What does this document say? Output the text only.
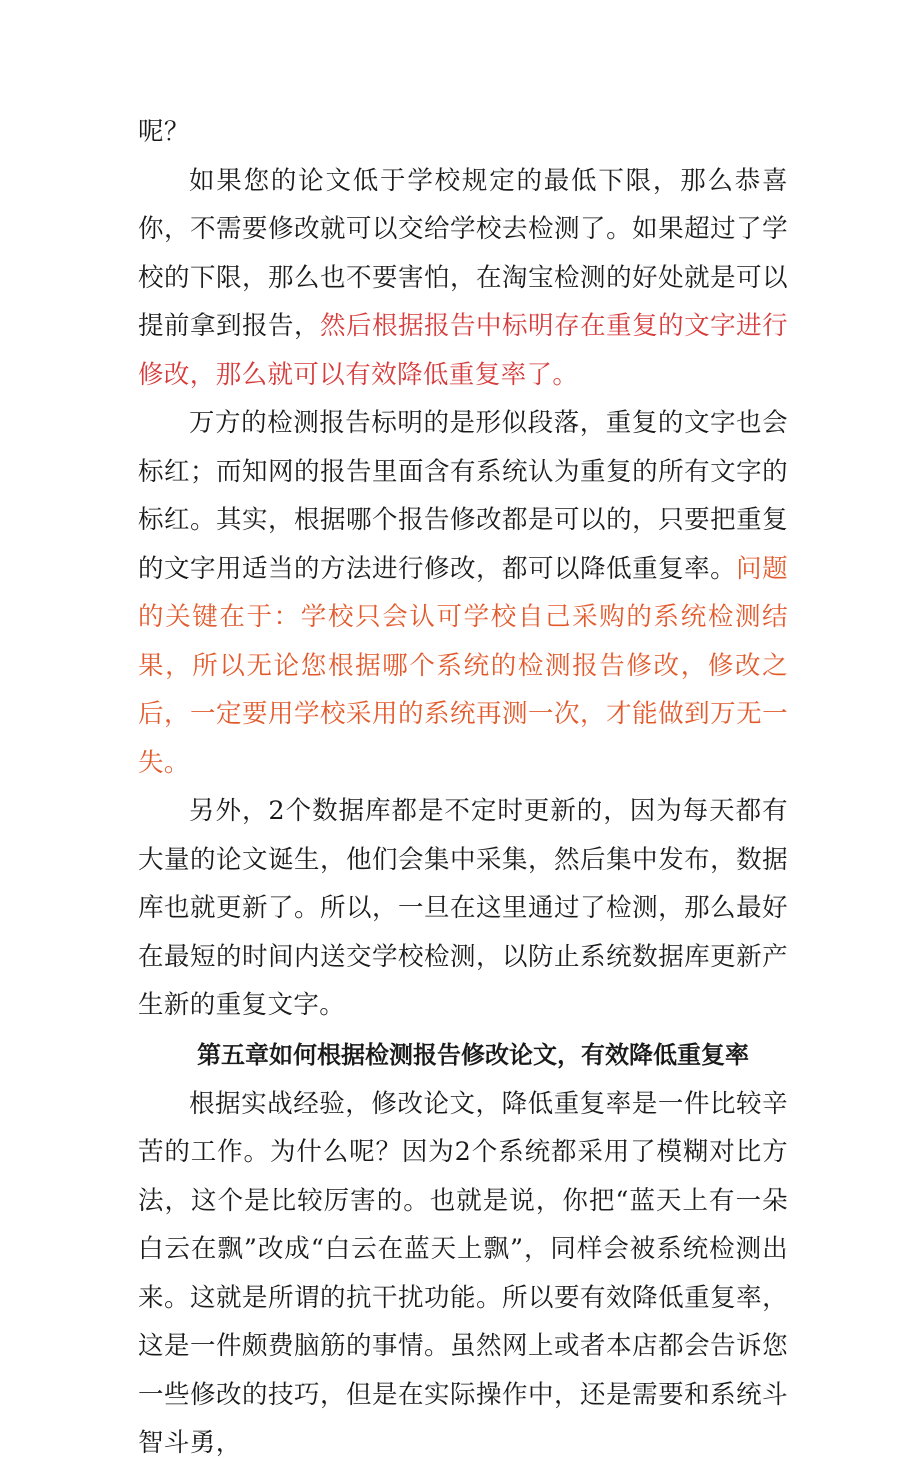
呢？

如果您的论文低于学校规定的最低下限，那么恭喜你，不需要修改就可以交给学校去检测了。如果超过了学校的下限，那么也不要害怕，在淘宝检测的好处就是可以提前拿到报告，然后根据报告中标明存在重复的文字进行修改，那么就可以有效降低重复率了。

万方的检测报告标明的是形似段落，重复的文字也会标红；而知网的报告里面含有系统认为重复的所有文字的标红。其实，根据哪个报告修改都是可以的，只要把重复的文字用适当的方法进行修改，都可以降低重复率。问题的关键在于：学校只会认可学校自己采购的系统检测结果，所以无论您根据哪个系统的检测报告修改，修改之后，一定要用学校采用的系统再测一次，才能做到万无一失。

另外，2个数据库都是不定时更新的，因为每天都有大量的论文诞生，他们会集中采集，然后集中发布，数据库也就更新了。所以，一旦在这里通过了检测，那么最好在最短的时间内送交学校检测，以防止系统数据库更新产生新的重复文字。

第五章如何根据检测报告修改论文，有效降低重复率

根据实战经验，修改论文，降低重复率是一件比较辛苦的工作。为什么呢？因为2个系统都采用了模糊对比方法，这个是比较厉害的。也就是说，你把“蓝天上有一朵白云在飘”改成“白云在蓝天上飘”，同样会被系统检测出来。这就是所谓的抗干扰功能。所以要有效降低重复率，这是一件颇费脑筋的事情。虽然网上或者本店都会告诉您一些修改的技巧，但是在实际操作中，还是需要和系统斗智斗勇，
